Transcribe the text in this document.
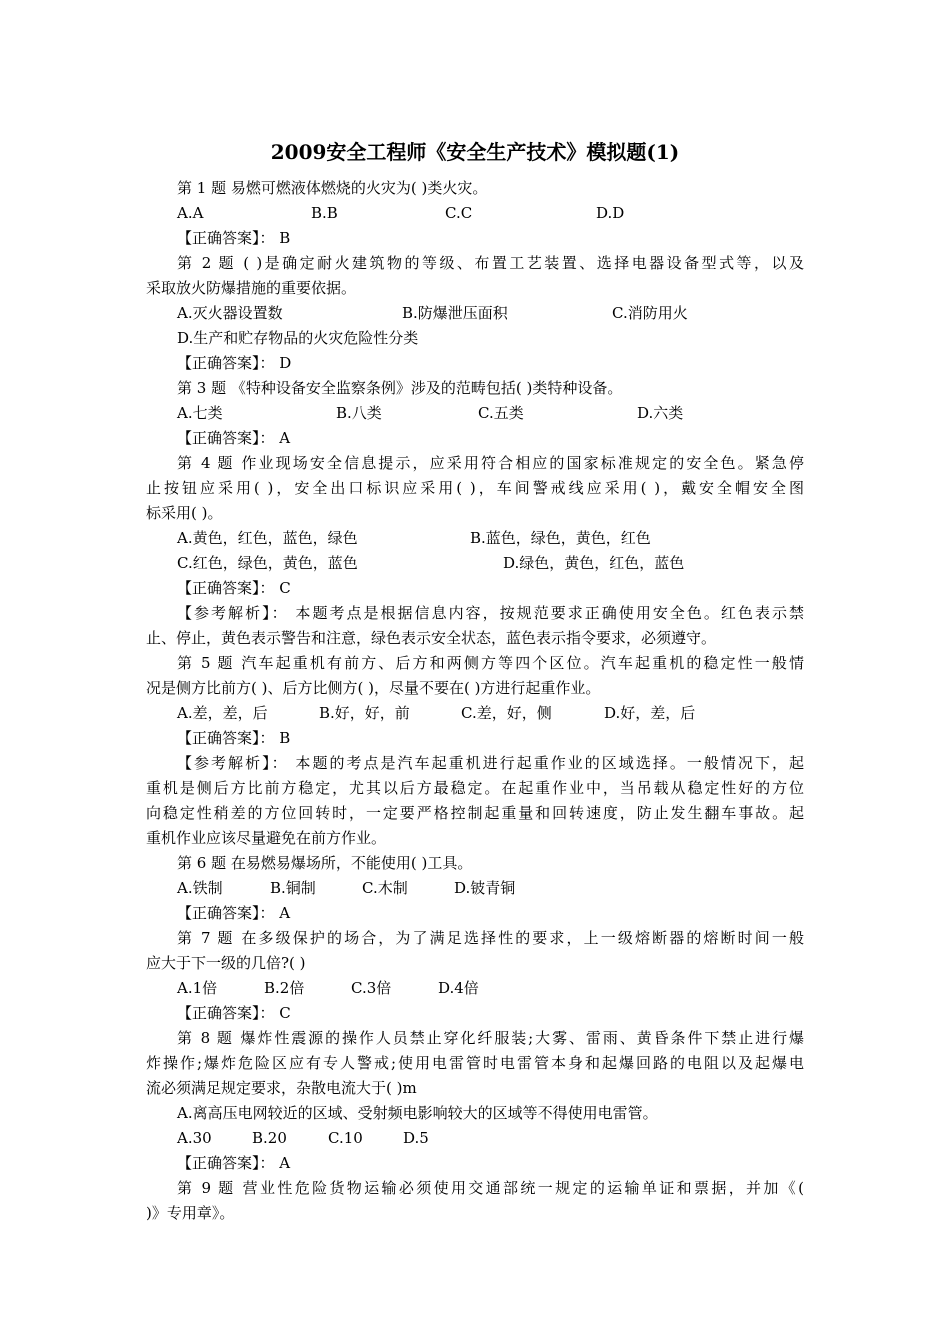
2009安全工程师《安全生产技术》模拟题(1)
第 1 题 易燃可燃液体燃烧的火灾为( )类火灾。
A.A	B.B	C.C	D.D
【正确答案】： B
第 2 题 ( )是确定耐火建筑物的等级、布置工艺装置、选择电器设备型式等，以及
采取放火防爆措施的重要依据。
A.灭火器设置数	B.防爆泄压面积	C.消防用火
D.生产和贮存物品的火灾危险性分类
【正确答案】： D
第 3 题 《特种设备安全监察条例》涉及的范畴包括( )类特种设备。
A.七类	B.八类	C.五类	D.六类
【正确答案】： A
第 4 题 作业现场安全信息提示，应采用符合相应的国家标准规定的安全色。紧急停
止按钮应采用( )，安全出口标识应采用( )，车间警戒线应采用( )，戴安全帽安全图
标采用( )。
A.黄色，红色，蓝色，绿色	B.蓝色，绿色，黄色，红色
C.红色，绿色，黄色，蓝色	D.绿色，黄色，红色，蓝色
【正确答案】： C
【参考解析】： 本题考点是根据信息内容，按规范要求正确使用安全色。红色表示禁
止、停止，黄色表示警告和注意，绿色表示安全状态，蓝色表示指令要求，必须遵守。
第 5 题 汽车起重机有前方、后方和两侧方等四个区位。汽车起重机的稳定性一般情
况是侧方比前方( )、后方比侧方( )，尽量不要在( )方进行起重作业。
A.差，差，后	B.好，好，前	C.差，好，侧	D.好，差，后
【正确答案】： B
【参考解析】： 本题的考点是汽车起重机进行起重作业的区域选择。一般情况下，起
重机是侧后方比前方稳定，尤其以后方最稳定。在起重作业中，当吊载从稳定性好的方位
向稳定性稍差的方位回转时，一定要严格控制起重量和回转速度，防止发生翻车事故。起
重机作业应该尽量避免在前方作业。
第 6 题 在易燃易爆场所，不能使用( )工具。
A.铁制	B.铜制	C.木制	D.铍青铜
【正确答案】： A
第 7 题 在多级保护的场合，为了满足选择性的要求，上一级熔断器的熔断时间一般
应大于下一级的几倍?( )
A.1倍	B.2倍	C.3倍	D.4倍
【正确答案】： C
第 8 题 爆炸性震源的操作人员禁止穿化纤服装;大雾、雷雨、黄昏条件下禁止进行爆
炸操作;爆炸危险区应有专人警戒;使用电雷管时电雷管本身和起爆回路的电阻以及起爆电
流必须满足规定要求，杂散电流大于( )m
A.离高压电网较近的区域、受射频电影响较大的区域等不得使用电雷管。
A.30	B.20	C.10	D.5
【正确答案】： A
第 9 题 营业性危险货物运输必须使用交通部统一规定的运输单证和票据，并加《(
)》专用章》。
